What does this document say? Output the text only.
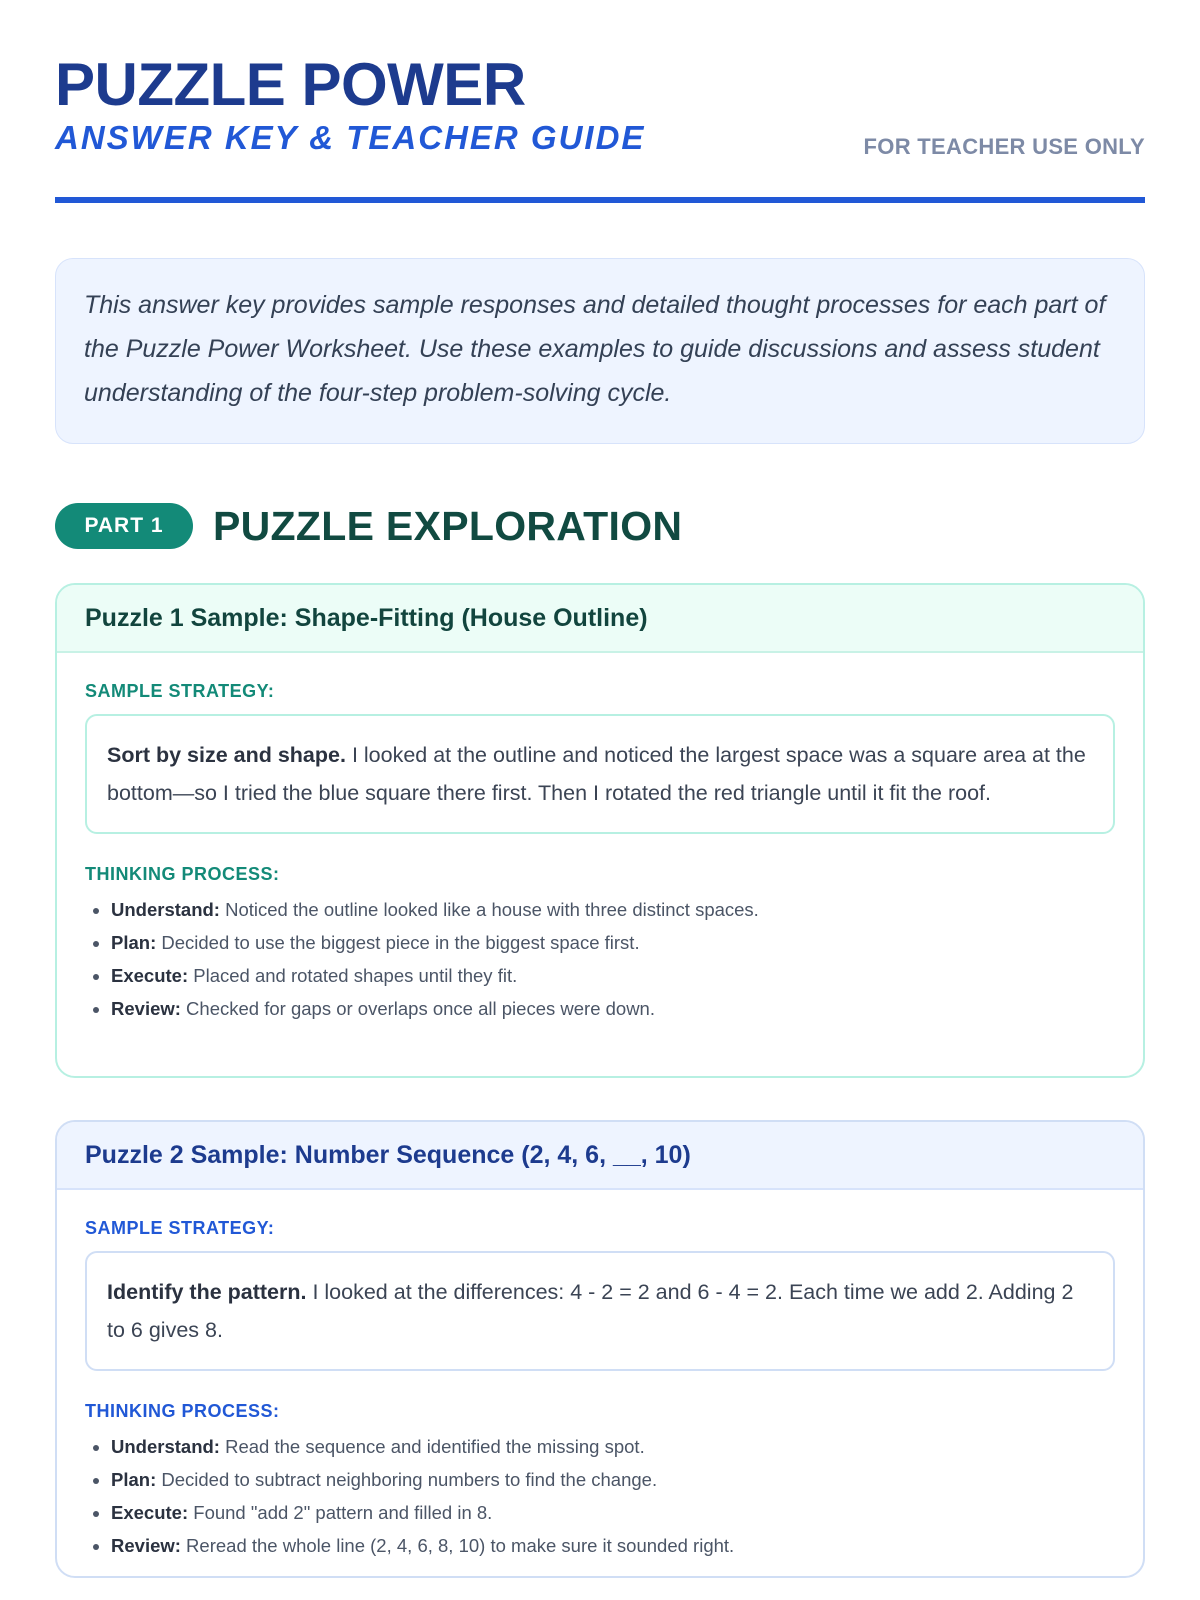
PUZZLE POWER
ANSWER KEY & TEACHER GUIDE	FOR TEACHER USE ONLY
This answer key provides sample responses and detailed thought processes for each part of the Puzzle Power Worksheet. Use these examples to guide discussions and assess student understanding of the four-step problem-solving cycle.
PART 1	PUZZLE EXPLORATION
Puzzle 1 Sample: Shape-Fitting (House Outline)
SAMPLE STRATEGY:
Sort by size and shape. I looked at the outline and noticed the largest space was a square area at the bottom—so I tried the blue square there first. Then I rotated the red triangle until it fit the roof.
THINKING PROCESS:
• Understand: Noticed the outline looked like a house with three distinct spaces.
• Plan: Decided to use the biggest piece in the biggest space first.
• Execute: Placed and rotated shapes until they fit.
• Review: Checked for gaps or overlaps once all pieces were down.
Puzzle 2 Sample: Number Sequence (2, 4, 6, __, 10)
SAMPLE STRATEGY:
Identify the pattern. I looked at the differences: 4 - 2 = 2 and 6 - 4 = 2. Each time we add 2. Adding 2 to 6 gives 8.
THINKING PROCESS:
• Understand: Read the sequence and identified the missing spot.
• Plan: Decided to subtract neighboring numbers to find the change.
• Execute: Found "add 2" pattern and filled in 8.
• Review: Reread the whole line (2, 4, 6, 8, 10) to make sure it sounded right.
